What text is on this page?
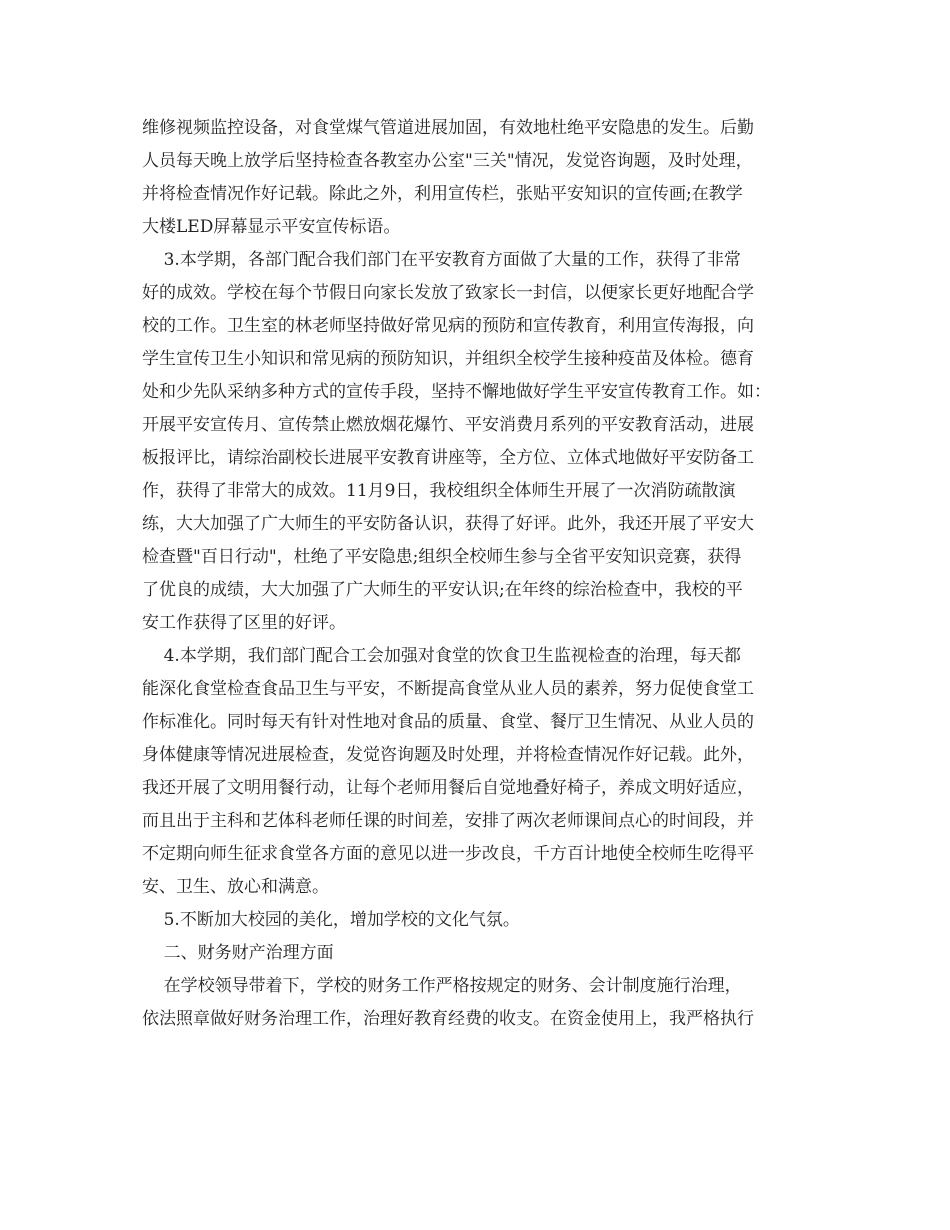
维修视频监控设备，对食堂煤气管道进展加固，有效地杜绝平安隐患的发生。后勤
人员每天晚上放学后坚持检查各教室办公室"三关"情况，发觉咨询题，及时处理，
并将检查情况作好记载。除此之外，利用宣传栏，张贴平安知识的宣传画;在教学
大楼LED屏幕显示平安宣传标语。
3.本学期，各部门配合我们部门在平安教育方面做了大量的工作，获得了非常
好的成效。学校在每个节假日向家长发放了致家长一封信，以便家长更好地配合学
校的工作。卫生室的林老师坚持做好常见病的预防和宣传教育，利用宣传海报，向
学生宣传卫生小知识和常见病的预防知识，并组织全校学生接种疫苗及体检。德育
处和少先队采纳多种方式的宣传手段，坚持不懈地做好学生平安宣传教育工作。如：
开展平安宣传月、宣传禁止燃放烟花爆竹、平安消费月系列的平安教育活动，进展
板报评比，请综治副校长进展平安教育讲座等，全方位、立体式地做好平安防备工
作，获得了非常大的成效。11月9日，我校组织全体师生开展了一次消防疏散演
练，大大加强了广大师生的平安防备认识，获得了好评。此外，我还开展了平安大
检查暨"百日行动"，杜绝了平安隐患;组织全校师生参与全省平安知识竞赛，获得
了优良的成绩，大大加强了广大师生的平安认识;在年终的综治检查中，我校的平
安工作获得了区里的好评。
4.本学期，我们部门配合工会加强对食堂的饮食卫生监视检查的治理，每天都
能深化食堂检查食品卫生与平安，不断提高食堂从业人员的素养，努力促使食堂工
作标准化。同时每天有针对性地对食品的质量、食堂、餐厅卫生情况、从业人员的
身体健康等情况进展检查，发觉咨询题及时处理，并将检查情况作好记载。此外，
我还开展了文明用餐行动，让每个老师用餐后自觉地叠好椅子，养成文明好适应，
而且出于主科和艺体科老师任课的时间差，安排了两次老师课间点心的时间段，并
不定期向师生征求食堂各方面的意见以进一步改良，千方百计地使全校师生吃得平
安、卫生、放心和满意。
5.不断加大校园的美化，增加学校的文化气氛。
二、财务财产治理方面
在学校领导带着下，学校的财务工作严格按规定的财务、会计制度施行治理，
依法照章做好财务治理工作，治理好教育经费的收支。在资金使用上，我严格执行
